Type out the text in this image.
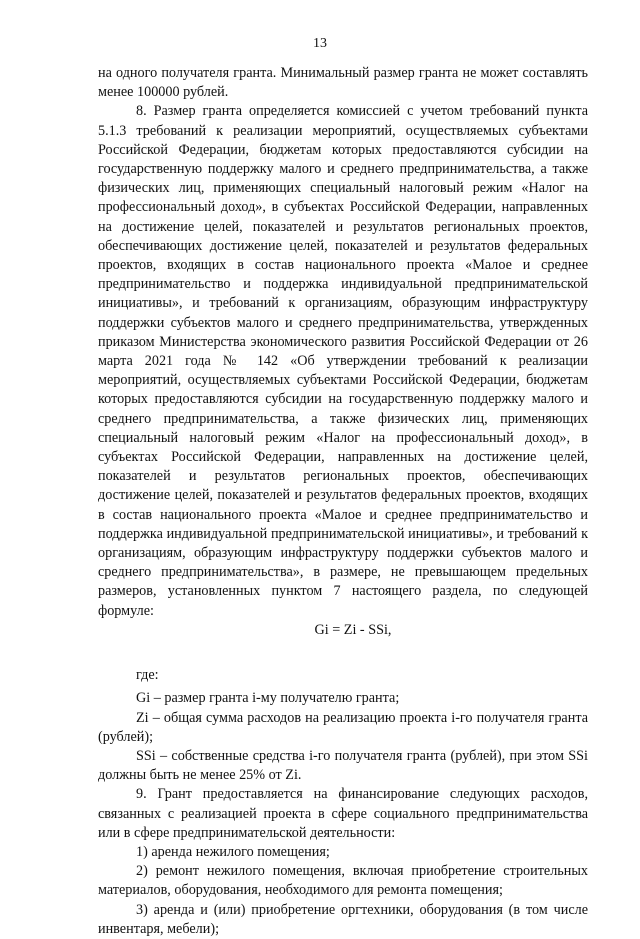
13

на одного получателя гранта. Минимальный размер гранта не может составлять менее 100000 рублей.

8. Размер гранта определяется комиссией с учетом требований пункта 5.1.3 требований к реализации мероприятий, осуществляемых субъектами Российской Федерации, бюджетам которых предоставляются субсидии на государственную поддержку малого и среднего предпринимательства, а также физических лиц, применяющих специальный налоговый режим «Налог на профессиональный доход», в субъектах Российской Федерации, направленных на достижение целей, показателей и результатов региональных проектов, обеспечивающих достижение целей, показателей и результатов федеральных проектов, входящих в состав национального проекта «Малое и среднее предпринимательство и поддержка индивидуальной предпринимательской инициативы», и требований к организациям, образующим инфраструктуру поддержки субъектов малого и среднего предпринимательства, утвержденных приказом Министерства экономического развития Российской Федерации от 26 марта 2021 года № 142 «Об утверждении требований к реализации мероприятий, осуществляемых субъектами Российской Федерации, бюджетам которых предоставляются субсидии на государственную поддержку малого и среднего предпринимательства, а также физических лиц, применяющих специальный налоговый режим «Налог на профессиональный доход», в субъектах Российской Федерации, направленных на достижение целей, показателей и результатов региональных проектов, обеспечивающих достижение целей, показателей и результатов федеральных проектов, входящих в состав национального проекта «Малое и среднее предпринимательство и поддержка индивидуальной предпринимательской инициативы», и требований к организациям, образующим инфраструктуру поддержки субъектов малого и среднего предпринимательства», в размере, не превышающем предельных размеров, установленных пунктом 7 настоящего раздела, по следующей формуле:

Gi = Zi - SSi,

где:

Gi – размер гранта i-му получателю гранта;

Zi – общая сумма расходов на реализацию проекта i-го получателя гранта (рублей);

SSi – собственные средства i-го получателя гранта (рублей), при этом SSi должны быть не менее 25% от Zi.

9. Грант предоставляется на финансирование следующих расходов, связанных с реализацией проекта в сфере социального предпринимательства или в сфере предпринимательской деятельности:

1) аренда нежилого помещения;

2) ремонт нежилого помещения, включая приобретение строительных материалов, оборудования, необходимого для ремонта помещения;

3) аренда и (или) приобретение оргтехники, оборудования (в том числе инвентаря, мебели);
